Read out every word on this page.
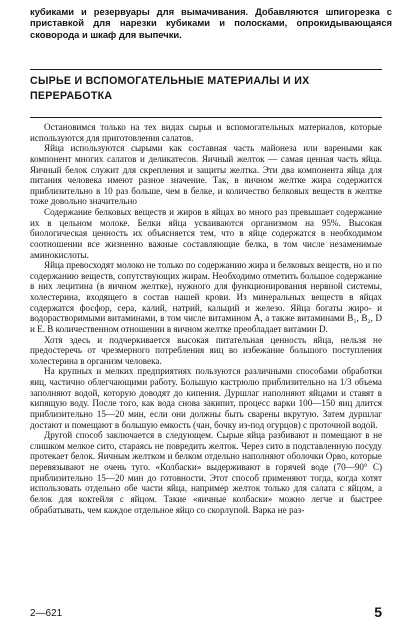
кубиками и резервуары для вымачивания. Добавляются шпигорезка с приставкой для нарезки кубиками и полосками, опрокидывающаяся сковорода и шкаф для выпечки.

СЫРЬЕ И ВСПОМОГАТЕЛЬНЫЕ МАТЕРИАЛЫ И ИХ ПЕРЕРАБОТКА

Остановимся только на тех видах сырья и вспомогательных материалов, которые используются для приготовления салатов.

Яйца используются сырыми как составная часть майонеза или вареными как компонент многих салатов и деликатесов. Яичный желток — самая ценная часть яйца. Яичный белок служит для скрепления и защиты желтка. Эти два компонента яйца для питания человека имеют разное значение. Так, в яичном желтке жира содержится приблизительно в 10 раз больше, чем в белке, и количество белковых веществ в желтке тоже довольно значительно

Содержание белковых веществ и жиров в яйцах во много раз превышает содержание их в цельном молоке. Белки яйца усваиваются организмом на 95%. Высокая биологическая ценность их объясняется тем, что в яйце содержатся в необходимом соотношении все жизненно важные составляющие белка, в том числе незаменимые аминокислоты.

Яйца превосходят молоко не только по содержанию жира и белковых веществ, но и по содержанию веществ, сопутствующих жирам. Необходимо отметить большое содержание в них лецитина (в яичном желтке), нужного для функционирования нервной системы, холестерина, входящего в состав нашей крови. Из минеральных веществ в яйцах содержатся фосфор, сера, калий, натрий, кальций и железо. Яйца богаты жиро- и водорастворимыми витаминами, в том числе витамином А, а также витаминами B₁, B₂, D и E. В количественном отношении в яичном желтке преобладает витамин D.

Хотя здесь и подчеркивается высокая питательная ценность яйца, нельзя не предостеречь от чрезмерного потребления яиц во избежание большого поступления холестерина в организм человека.

На крупных и мелких предприятиях пользуются различными способами обработки яиц, частично облегчающими работу. Большую кастрюлю приблизительно на 1/3 объема заполняют водой, которую доводят до кипения. Дуршлаг наполняют яйцами и ставят в кипящую воду. После того, как вода снова закипит, процесс варки 100—150 яиц длится приблизительно 15—20 мин, если они должны быть сварены вкрутую. Затем дуршлаг достают и помещают в большую емкость (чан, бочку из-под огурцов) с проточной водой.

Другой способ заключается в следующем. Сырые яйца разбивают и помещают в не слишком мелкое сито, стараясь не повредить желток. Через сито в подставленную посуду протекает белок. Яичным желтком и белком отдельно наполняют оболочки Орво, которые перевязывают не очень туго. «Колбаски» выдерживают в горячей воде (70—90° С) приблизительно 15—20 мин до готовности. Этот способ применяют тогда, когда хотят использовать отдельно обе части яйца, например желток только для салата с яйцом, а белок для коктейля с яйцом. Такие «яичные колбаски» можно легче и быстрее обрабатывать, чем каждое отдельное яйцо со скорлупой. Варка не раз-

2—621	5
